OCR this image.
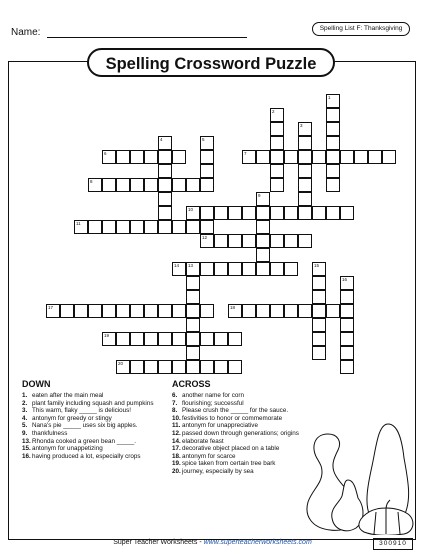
Name:	Spelling List F: Thanksgiving
Spelling Crossword Puzzle
6	7
8
10
11
12
14 13
17	18
19
20
1
2
3
4	5
9
15
16
DOWN
1. eaten after the main meal
2. plant family including squash and pumpkins
3. This warm, flaky _____ is delicious!
4. antonym for greedy or stingy
5. Nana's pie _____ uses six big apples.
9. thankfulness
13. Rhonda cooked a green bean _____.
15. antonym for unappetizing
16. having produced a lot, especially crops
ACROSS
6. another name for corn
7. flourishing; successful
8. Please crush the _____ for the sauce.
10. festivities to honor or commemorate
11. antonym for unappreciative
12. passed down through generations; origins
14. elaborate feast
17. decorative object placed on a table
18. antonym for scarce
19. spice taken from certain tree bark
20. journey, especially by sea
Super Teacher Worksheets - www.superteacherworksheets.com	300910
